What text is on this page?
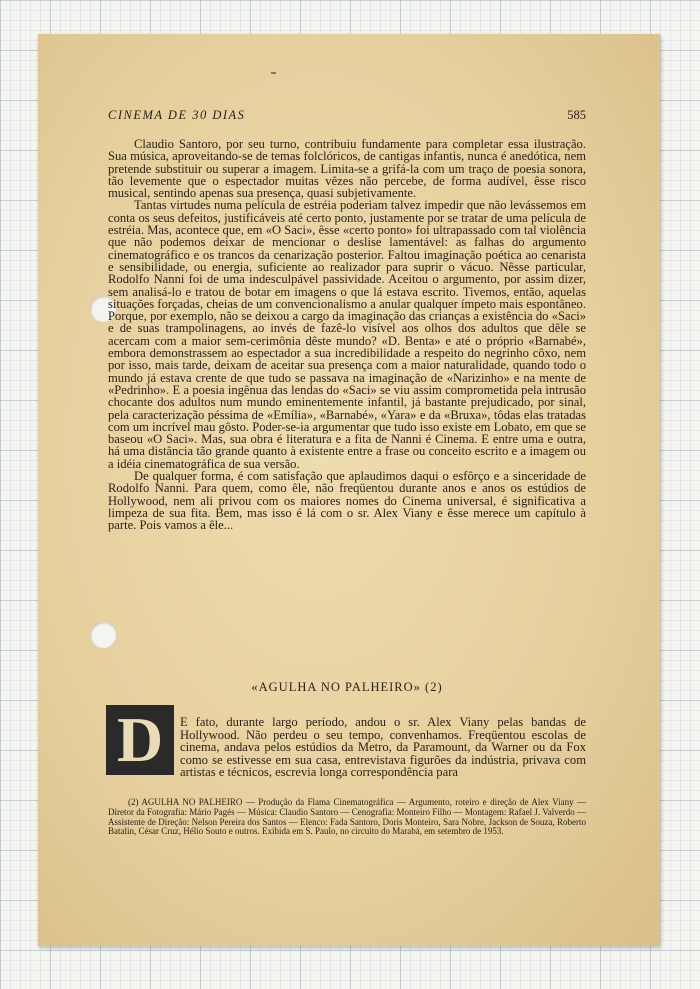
CINEMA DE 30 DIAS	585

Claudio Santoro, por seu turno, contribuiu fundamente para completar essa ilustração. Sua música, aproveitando-se de temas folclóricos, de cantigas infantis, nunca é anedótica, nem pretende substituir ou superar a imagem. Limita-se a grifá-la com um traço de poesia sonora, tão levemente que o espectador muitas vêzes não percebe, de forma audível, êsse risco musical, sentindo apenas sua presença, quasi subjetivamente.

Tantas virtudes numa película de estréia poderiam talvez impedir que não levássemos em conta os seus defeitos, justificáveis até certo ponto, justamente por se tratar de uma película de estréia. Mas, acontece que, em «O Saci», êsse «certo ponto» foi ultrapassado com tal violência que não podemos deixar de mencionar o deslise lamentável: as falhas do argumento cinematográfico e os trancos da cenarização posterior. Faltou imaginação poética ao cenarista e sensibilidade, ou energia, suficiente ao realizador para suprir o vácuo. Nêsse particular, Rodolfo Nanni foi de uma indesculpável passividade. Aceitou o argumento, por assim dizer, sem analisá-lo e tratou de botar em imagens o que lá estava escrito. Tivemos, então, aquelas situações forçadas, cheias de um convencionalismo a anular qualquer ímpeto mais espontâneo. Porque, por exemplo, não se deixou a cargo da imaginação das crianças a existência do «Saci» e de suas trampolinagens, ao invés de fazê-lo visível aos olhos dos adultos que dêle se acercam com a maior sem-cerimônia dêste mundo? «D. Benta» e até o próprio «Barnabé», embora demonstrassem ao espectador a sua incredibilidade a respeito do negrinho côxo, nem por isso, mais tarde, deixam de aceitar sua presença com a maior naturalidade, quando todo o mundo já estava crente de que tudo se passava na imaginação de «Narizinho» e na mente de «Pedrinho». E a poesia ingênua das lendas do «Saci» se viu assim comprometida pela intrusão chocante dos adultos num mundo eminentemente infantil, já bastante prejudicado, por sinal, pela caracterização péssima de «Emília», «Barnabé», «Yara» e da «Bruxa», tôdas elas tratadas com um incrível mau gôsto. Poder-se-ia argumentar que tudo isso existe em Lobato, em que se baseou «O Saci». Mas, sua obra é literatura e a fita de Nanni é Cinema. E entre uma e outra, há uma distância tão grande quanto à existente entre a frase ou conceito escrito e a imagem ou a idéia cinematográfica de sua versão.

De qualquer forma, é com satisfação que aplaudimos daqui o esfôrço e a sinceridade de Rodolfo Nanni. Para quem, como êle, não freqüentou durante anos e anos os estúdios de Hollywood, nem ali privou com os maiores nomes do Cinema universal, é significativa a limpeza de sua fita. Bem, mas isso é lá com o sr. Alex Viany e êsse merece um capítulo à parte. Pois vamos a êle...

«AGULHA NO PALHEIRO» (2)
D	E fato, durante largo período, andou o sr. Alex Viany pelas bandas de Hollywood. Não perdeu o seu tempo, convenhamos. Freqüentou escolas de cinema, andava pelos estúdios da Metro, da Paramount, da Warner ou da Fox como se estivesse em sua casa, entrevistava figurões da indústria, privava com artistas e técnicos, escrevia longa correspondência para

(2) AGULHA NO PALHEIRO — Produção da Flama Cinematográfica — Argumento, roteiro e direção de Alex Viany — Diretor da Fotografia: Mário Pagés — Música: Claudio Santoro — Cenografia: Monteiro Filho — Montagem: Rafael J. Valverdo — Assistente de Direção: Nelson Pereira dos Santos — Elenco: Fada Santoro, Doris Monteiro, Sara Nobre, Jackson de Souza, Roberto Batalin, César Cruz, Hélio Souto e outros. Exibida em S. Paulo, no circuito do Marabá, em setembro de 1953.
